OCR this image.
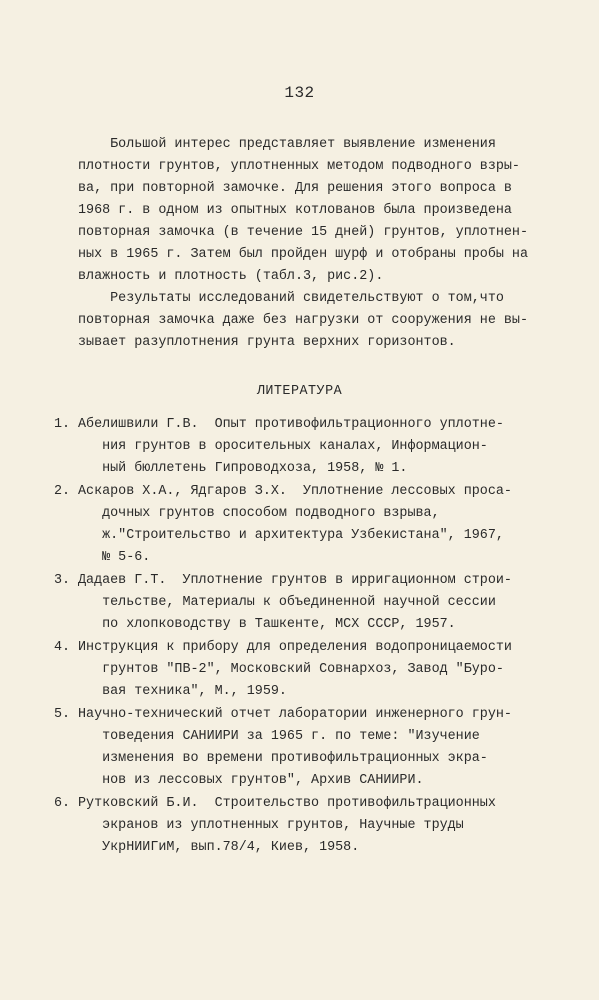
132
Большой интерес представляет выявление изменения
плотности грунтов, уплотненных методом подводного взры-
ва, при повторной замочке. Для решения этого вопроса в
1968 г. в одном из опытных котлованов была произведена
повторная замочка (в течение 15 дней) грунтов, уплотнен-
ных в 1965 г. Затем был пройден шурф и отобраны пробы на
влажность и плотность (табл.3, рис.2).
Результаты исследований свидетельствуют о том,что
повторная замочка даже без нагрузки от сооружения не вы-
зывает разуплотнения грунта верхних горизонтов.
ЛИТЕРАТУРА
1. Абелишвили Г.В.  Опыт противофильтрационного уплотне-
ния грунтов в оросительных каналах, Информацион-
ный бюллетень Гипроводхоза, 1958, № 1.
2. Аскаров Х.А., Ядгаров З.Х.  Уплотнение лессовых проса-
дочных грунтов способом подводного взрыва,
ж."Строительство и архитектура Узбекистана", 1967,
№ 5-6.
3. Дадаев Г.Т.  Уплотнение грунтов в ирригационном строи-
тельстве, Материалы к объединенной научной сессии
по хлопководству в Ташкенте, МСХ СССР, 1957.
4. Инструкция к прибору для определения водопроницаемости
грунтов "ПВ-2", Московский Совнархоз, Завод "Буро-
вая техника", М., 1959.
5. Научно-технический отчет лаборатории инженерного грун-
товедения САНИИРИ за 1965 г. по теме: "Изучение
изменения во времени противофильтрационных экра-
нов из лессовых грунтов", Архив САНИИРИ.
6. Рутковский Б.И.  Строительство противофильтрационных
экранов из уплотненных грунтов, Научные труды
УкрНИИГиМ, вып.78/4, Киев, 1958.
